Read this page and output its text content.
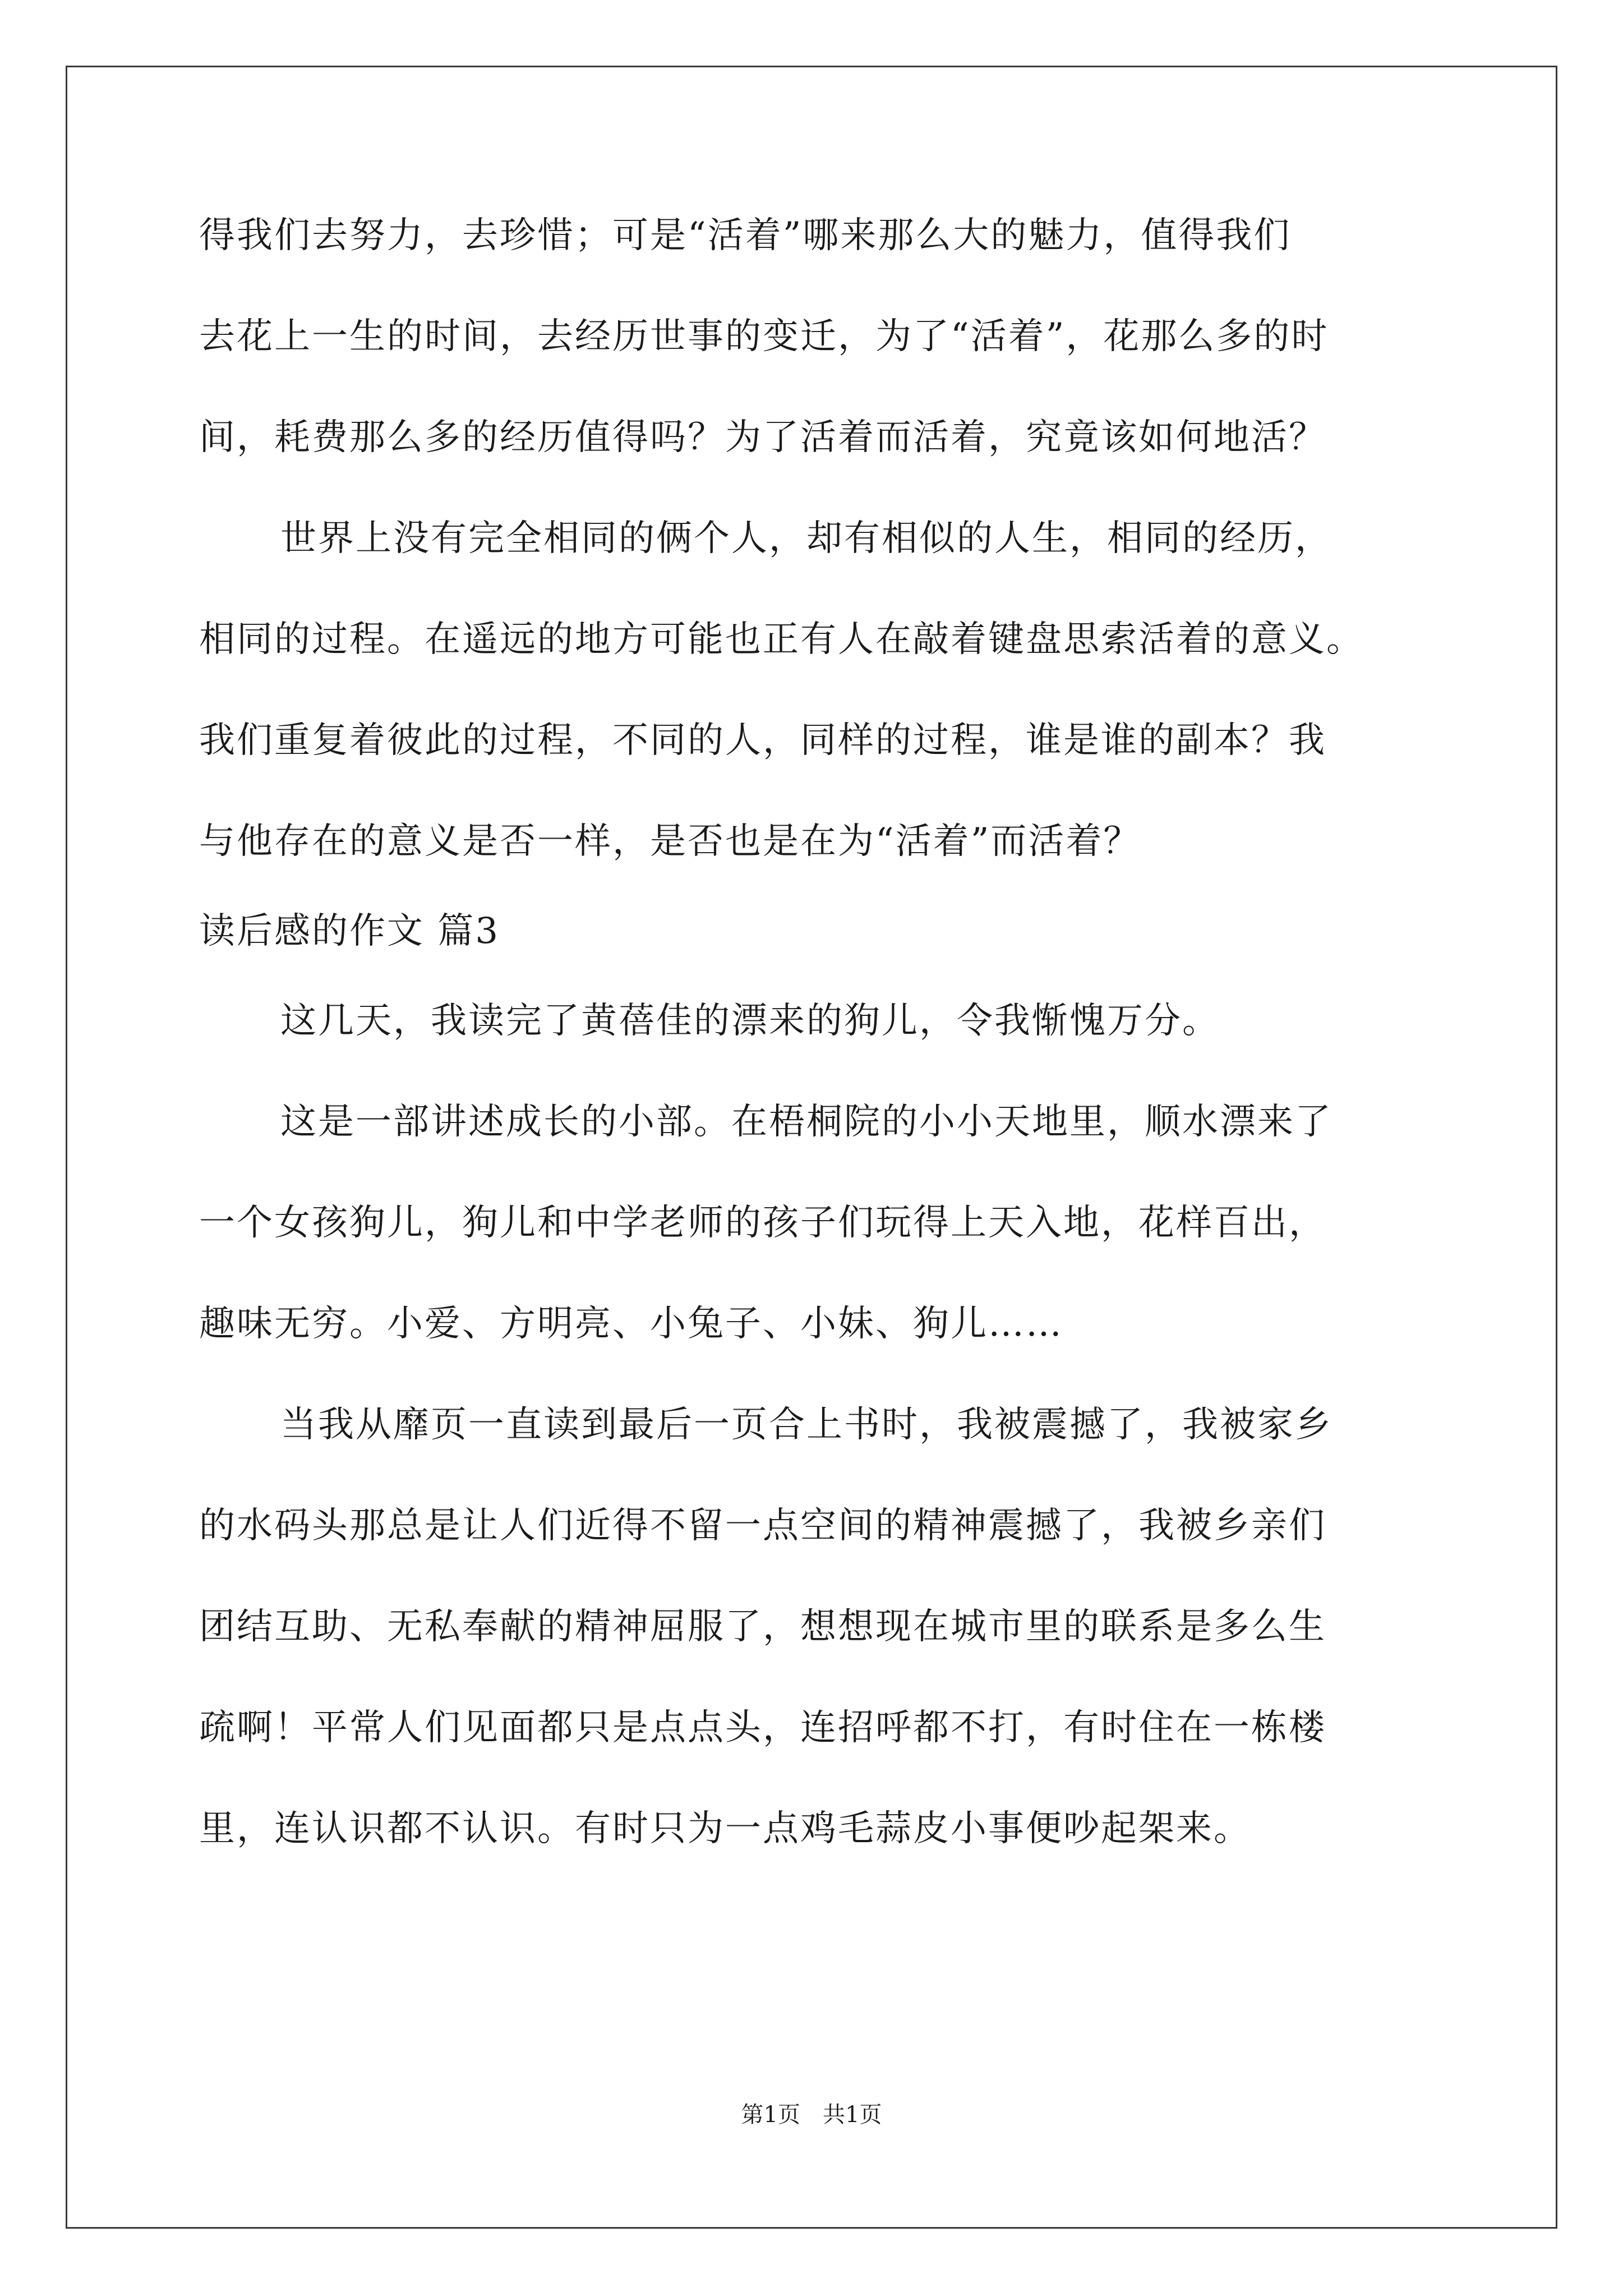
得我们去努力，去珍惜；可是“活着”哪来那么大的魅力，值得我们
去花上一生的时间，去经历世事的变迁，为了“活着”，花那么多的时
间，耗费那么多的经历值得吗？为了活着而活着，究竟该如何地活？
世界上没有完全相同的俩个人，却有相似的人生，相同的经历，
相同的过程。在遥远的地方可能也正有人在敲着键盘思索活着的意义。
我们重复着彼此的过程，不同的人，同样的过程，谁是谁的副本？我
与他存在的意义是否一样，是否也是在为“活着”而活着？
读后感的作文 篇3
这几天，我读完了黄蓓佳的漂来的狗儿，令我惭愧万分。
这是一部讲述成长的小部。在梧桐院的小小天地里，顺水漂来了
一个女孩狗儿，狗儿和中学老师的孩子们玩得上天入地，花样百出，
趣味无穷。小爱、方明亮、小兔子、小妹、狗儿……
当我从靡页一直读到最后一页合上书时，我被震撼了，我被家乡
的水码头那总是让人们近得不留一点空间的精神震撼了，我被乡亲们
团结互助、无私奉献的精神屈服了，想想现在城市里的联系是多么生
疏啊！平常人们见面都只是点点头，连招呼都不打，有时住在一栋楼
里，连认识都不认识。有时只为一点鸡毛蒜皮小事便吵起架来。
第1页　共1页
